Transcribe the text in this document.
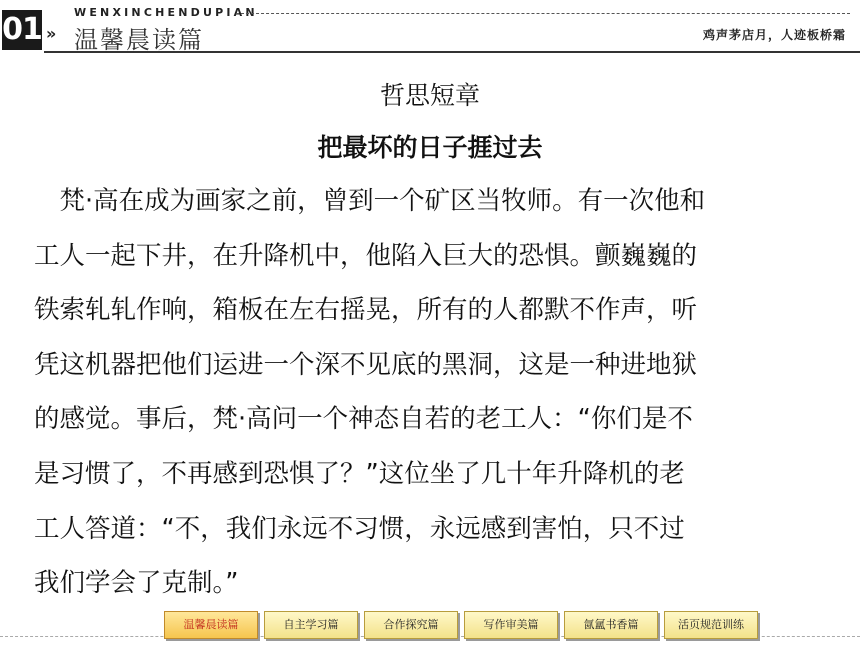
01 »
WENXINCHENDUPIAN
温馨晨读篇	鸡声茅店月，人迹板桥霜
哲思短章
把最坏的日子捱过去
　梵·高在成为画家之前，曾到一个矿区当牧师。有一次他和
工人一起下井，在升降机中，他陷入巨大的恐惧。颤巍巍的
铁索轧轧作响，箱板在左右摇晃，所有的人都默不作声，听
凭这机器把他们运进一个深不见底的黑洞，这是一种进地狱
的感觉。事后，梵·高问一个神态自若的老工人：“你们是不
是习惯了，不再感到恐惧了？”这位坐了几十年升降机的老
工人答道：“不，我们永远不习惯，永远感到害怕，只不过
我们学会了克制。”
温馨晨读篇	自主学习篇	合作探究篇	写作审美篇	氤氲书香篇	活页规范训练
